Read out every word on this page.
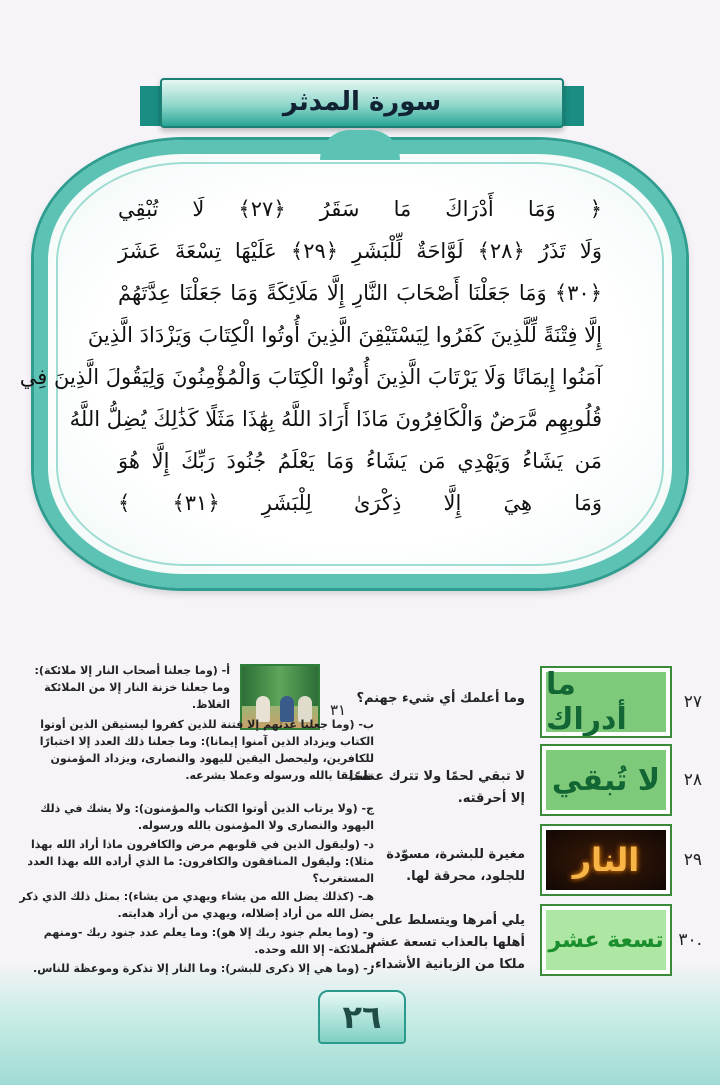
سورة المدثر
﴿ وَمَا أَدْرَاكَ مَا سَقَرُ ﴿٢٧﴾ لَا تُبْقِي
وَلَا تَذَرُ ﴿٢٨﴾ لَوَّاحَةٌ لِّلْبَشَرِ ﴿٢٩﴾ عَلَيْهَا تِسْعَةَ عَشَرَ
﴿٣٠﴾ وَمَا جَعَلْنَا أَصْحَابَ النَّارِ إِلَّا مَلَائِكَةً وَمَا جَعَلْنَا عِدَّتَهُمْ
إِلَّا فِتْنَةً لِّلَّذِينَ كَفَرُوا لِيَسْتَيْقِنَ الَّذِينَ أُوتُوا الْكِتَابَ وَيَزْدَادَ الَّذِينَ
آمَنُوا إِيمَانًا وَلَا يَرْتَابَ الَّذِينَ أُوتُوا الْكِتَابَ وَالْمُؤْمِنُونَ وَلِيَقُولَ الَّذِينَ فِي
قُلُوبِهِم مَّرَضٌ وَالْكَافِرُونَ مَاذَا أَرَادَ اللَّهُ بِهَٰذَا مَثَلًا كَذَٰلِكَ يُضِلُّ اللَّهُ
مَن يَشَاءُ وَيَهْدِي مَن يَشَاءُ وَمَا يَعْلَمُ جُنُودَ رَبِّكَ إِلَّا هُوَ
وَمَا هِيَ إِلَّا ذِكْرَىٰ لِلْبَشَرِ ﴿٣١﴾ ﴾
٢٧
ما أدراك
وما أعلمك أي شيء جهنم؟
٢٨
لا تُبقي
لا تبقي لحمًا ولا تترك عظمًا إلا أحرقته.
٢٩
النار
مغيرة للبشرة، مسوّدة للجلود، محرقة لها.
٣٠.
تسعة عشر
يلي أمرها ويتسلط على أهلها بالعذاب تسعة عشر ملكا من الزبانية الأشداء.
٣١
أ- (وما جعلنا أصحاب النار إلا ملائكة): وما جعلنا خزنة النار إلا من الملائكة الغلاظ.
ب- (وما جعلنا عدتهم إلا فتنة للذين كفروا ليستيقن الذين أوتوا الكتاب ويزداد الذين آمنوا إيمانا): وما جعلنا ذلك العدد إلا اختبارًا للكافرين، وليحصل اليقين لليهود والنصارى، ويزداد المؤمنون تصديقا بالله ورسوله وعملا بشرعه.
ج- (ولا يرتاب الذين أوتوا الكتاب والمؤمنون): ولا يشك في ذلك اليهود والنصارى ولا المؤمنون بالله ورسوله.
د- (وليقول الذين في قلوبهم مرض والكافرون ماذا أراد الله بهذا مثلا): وليقول المنافقون والكافرون: ما الذي أراده الله بهذا العدد المستغرب؟
هـ- (كذلك يضل الله من يشاء ويهدي من يشاء): بمثل ذلك الذي ذكر يضل الله من أراد إضلاله، ويهدي من أراد هدايته.
و- (وما يعلم جنود ربك إلا هو): وما يعلم عدد جنود ربك -ومنهم الملائكة- إلا الله وحده.
ز- (وما هي إلا ذكرى للبشر): وما النار إلا تذكرة وموعظة للناس.
٢٦
